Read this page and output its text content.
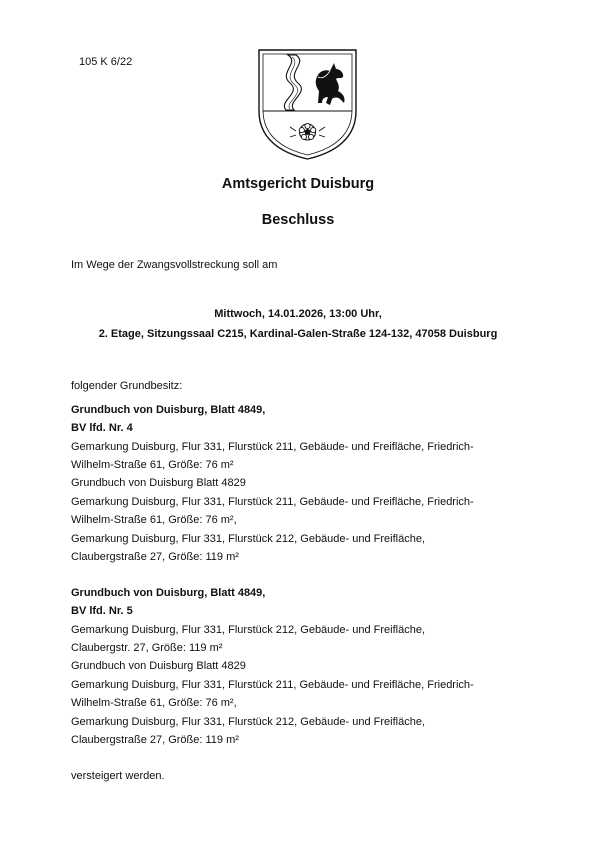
105 K 6/22
Amtsgericht Duisburg
Beschluss
Im Wege der Zwangsvollstreckung soll am
Mittwoch, 14.01.2026, 13:00 Uhr,
2. Etage, Sitzungssaal C215, Kardinal-Galen-Straße 124-132, 47058 Duisburg
folgender Grundbesitz:
Grundbuch von Duisburg, Blatt 4849,
BV lfd. Nr. 4
Gemarkung Duisburg, Flur 331, Flurstück 211, Gebäude- und Freifläche, Friedrich-
Wilhelm-Straße 61, Größe: 76 m²
Grundbuch von Duisburg Blatt 4829
Gemarkung Duisburg, Flur 331, Flurstück 211, Gebäude- und Freifläche, Friedrich-
Wilhelm-Straße 61, Größe: 76 m²,
Gemarkung Duisburg, Flur 331, Flurstück 212, Gebäude- und Freifläche,
Claubergstraße 27, Größe: 119 m²
Grundbuch von Duisburg, Blatt 4849,
BV lfd. Nr. 5
Gemarkung Duisburg, Flur 331, Flurstück 212, Gebäude- und Freifläche,
Claubergstr. 27, Größe: 119 m²
Grundbuch von Duisburg Blatt 4829
Gemarkung Duisburg, Flur 331, Flurstück 211, Gebäude- und Freifläche, Friedrich-
Wilhelm-Straße 61, Größe: 76 m²,
Gemarkung Duisburg, Flur 331, Flurstück 212, Gebäude- und Freifläche,
Claubergstraße 27, Größe: 119 m²
versteigert werden.
